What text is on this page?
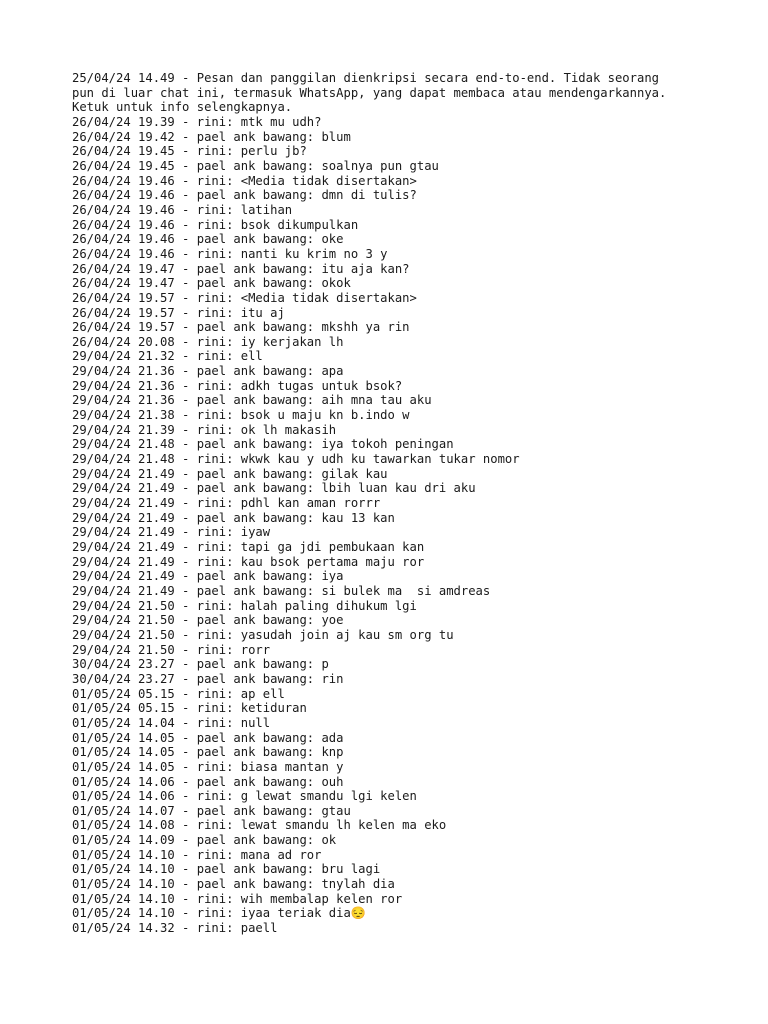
25/04/24 14.49 - Pesan dan panggilan dienkripsi secara end-to-end. Tidak seorang
pun di luar chat ini, termasuk WhatsApp, yang dapat membaca atau mendengarkannya.
Ketuk untuk info selengkapnya.
26/04/24 19.39 - rini: mtk mu udh?
26/04/24 19.42 - pael ank bawang: blum
26/04/24 19.45 - rini: perlu jb?
26/04/24 19.45 - pael ank bawang: soalnya pun gtau
26/04/24 19.46 - rini: <Media tidak disertakan>
26/04/24 19.46 - pael ank bawang: dmn di tulis?
26/04/24 19.46 - rini: latihan
26/04/24 19.46 - rini: bsok dikumpulkan
26/04/24 19.46 - pael ank bawang: oke
26/04/24 19.46 - rini: nanti ku krim no 3 y
26/04/24 19.47 - pael ank bawang: itu aja kan?
26/04/24 19.47 - pael ank bawang: okok
26/04/24 19.57 - rini: <Media tidak disertakan>
26/04/24 19.57 - rini: itu aj
26/04/24 19.57 - pael ank bawang: mkshh ya rin
26/04/24 20.08 - rini: iy kerjakan lh
29/04/24 21.32 - rini: ell
29/04/24 21.36 - pael ank bawang: apa
29/04/24 21.36 - rini: adkh tugas untuk bsok?
29/04/24 21.36 - pael ank bawang: aih mna tau aku
29/04/24 21.38 - rini: bsok u maju kn b.indo w
29/04/24 21.39 - rini: ok lh makasih
29/04/24 21.48 - pael ank bawang: iya tokoh peningan
29/04/24 21.48 - rini: wkwk kau y udh ku tawarkan tukar nomor
29/04/24 21.49 - pael ank bawang: gilak kau
29/04/24 21.49 - pael ank bawang: lbih luan kau dri aku
29/04/24 21.49 - rini: pdhl kan aman rorrr
29/04/24 21.49 - pael ank bawang: kau 13 kan
29/04/24 21.49 - rini: iyaw
29/04/24 21.49 - rini: tapi ga jdi pembukaan kan
29/04/24 21.49 - rini: kau bsok pertama maju ror
29/04/24 21.49 - pael ank bawang: iya
29/04/24 21.49 - pael ank bawang: si bulek ma  si amdreas
29/04/24 21.50 - rini: halah paling dihukum lgi
29/04/24 21.50 - pael ank bawang: yoe
29/04/24 21.50 - rini: yasudah join aj kau sm org tu
29/04/24 21.50 - rini: rorr
30/04/24 23.27 - pael ank bawang: p
30/04/24 23.27 - pael ank bawang: rin
01/05/24 05.15 - rini: ap ell
01/05/24 05.15 - rini: ketiduran
01/05/24 14.04 - rini: null
01/05/24 14.05 - pael ank bawang: ada
01/05/24 14.05 - pael ank bawang: knp
01/05/24 14.05 - rini: biasa mantan y
01/05/24 14.06 - pael ank bawang: ouh
01/05/24 14.06 - rini: g lewat smandu lgi kelen
01/05/24 14.07 - pael ank bawang: gtau
01/05/24 14.08 - rini: lewat smandu lh kelen ma eko
01/05/24 14.09 - pael ank bawang: ok
01/05/24 14.10 - rini: mana ad ror
01/05/24 14.10 - pael ank bawang: bru lagi
01/05/24 14.10 - pael ank bawang: tnylah dia
01/05/24 14.10 - rini: wih membalap kelen ror
01/05/24 14.10 - rini: iyaa teriak dia😔
01/05/24 14.32 - rini: paell
